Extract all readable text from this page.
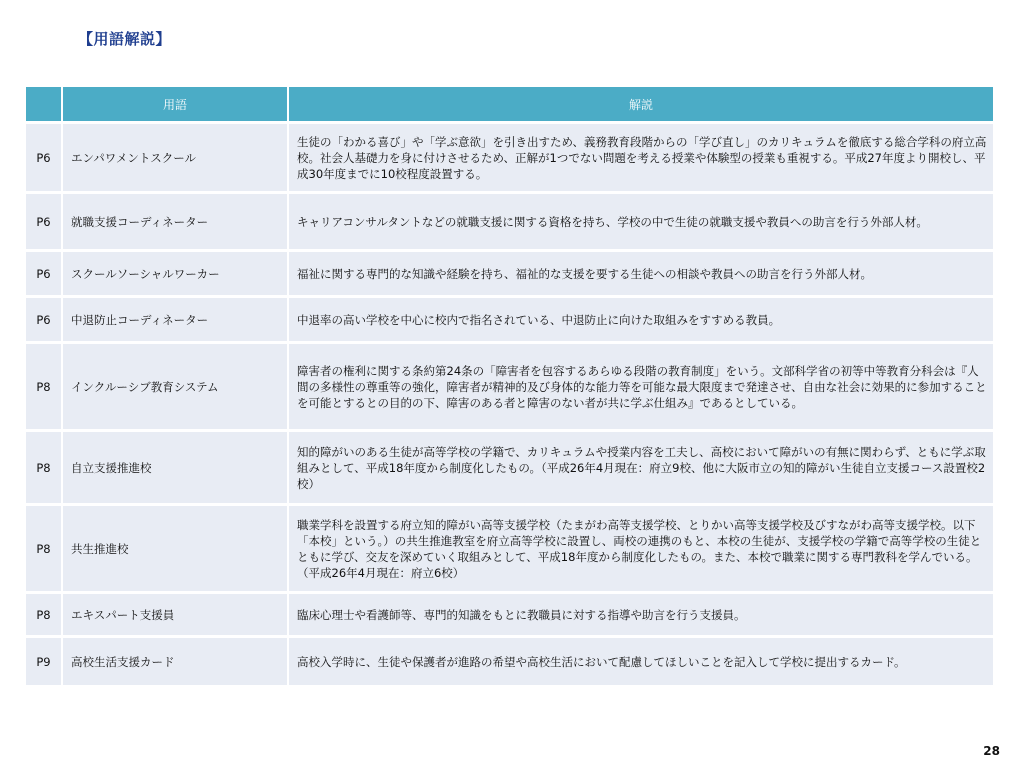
【用語解説】
	用語	解説
P6	エンパワメントスクール	生徒の「わかる喜び」や「学ぶ意欲」を引き出すため、義務教育段階からの「学び直し」のカリキュラムを徹底する総合学科の府立高校。社会人基礎力を身に付けさせるため、正解が1つでない問題を考える授業や体験型の授業も重視する。平成27年度より開校し、平成30年度までに10校程度設置する。
P6	就職支援コーディネーター	キャリアコンサルタントなどの就職支援に関する資格を持ち、学校の中で生徒の就職支援や教員への助言を行う外部人材。
P6	スクールソーシャルワーカー	福祉に関する専門的な知識や経験を持ち、福祉的な支援を要する生徒への相談や教員への助言を行う外部人材。
P6	中退防止コーディネーター	中退率の高い学校を中心に校内で指名されている、中退防止に向けた取組みをすすめる教員。
P8	インクルーシブ教育システム	障害者の権利に関する条約第24条の「障害者を包容するあらゆる段階の教育制度」をいう。文部科学省の初等中等教育分科会は『人間の多様性の尊重等の強化，障害者が精神的及び身体的な能力等を可能な最大限度まで発達させ、自由な社会に効果的に参加することを可能とするとの目的の下、障害のある者と障害のない者が共に学ぶ仕組み』であるとしている。
P8	自立支援推進校	知的障がいのある生徒が高等学校の学籍で、カリキュラムや授業内容を工夫し、高校において障がいの有無に関わらず、ともに学ぶ取組みとして、平成18年度から制度化したもの。（平成26年4月現在：府立9校、他に大阪市立の知的障がい生徒自立支援コース設置校2校）
P8	共生推進校	職業学科を設置する府立知的障がい高等支援学校（たまがわ高等支援学校、とりかい高等支援学校及びすながわ高等支援学校。以下「本校」という。）の共生推進教室を府立高等学校に設置し、両校の連携のもと、本校の生徒が、支援学校の学籍で高等学校の生徒とともに学び、交友を深めていく取組みとして、平成18年度から制度化したもの。また、本校で職業に関する専門教科を学んでいる。（平成26年4月現在：府立6校）
P8	エキスパート支援員	臨床心理士や看護師等、専門的知識をもとに教職員に対する指導や助言を行う支援員。
P9	高校生活支援カード	高校入学時に、生徒や保護者が進路の希望や高校生活において配慮してほしいことを記入して学校に提出するカード。
28
